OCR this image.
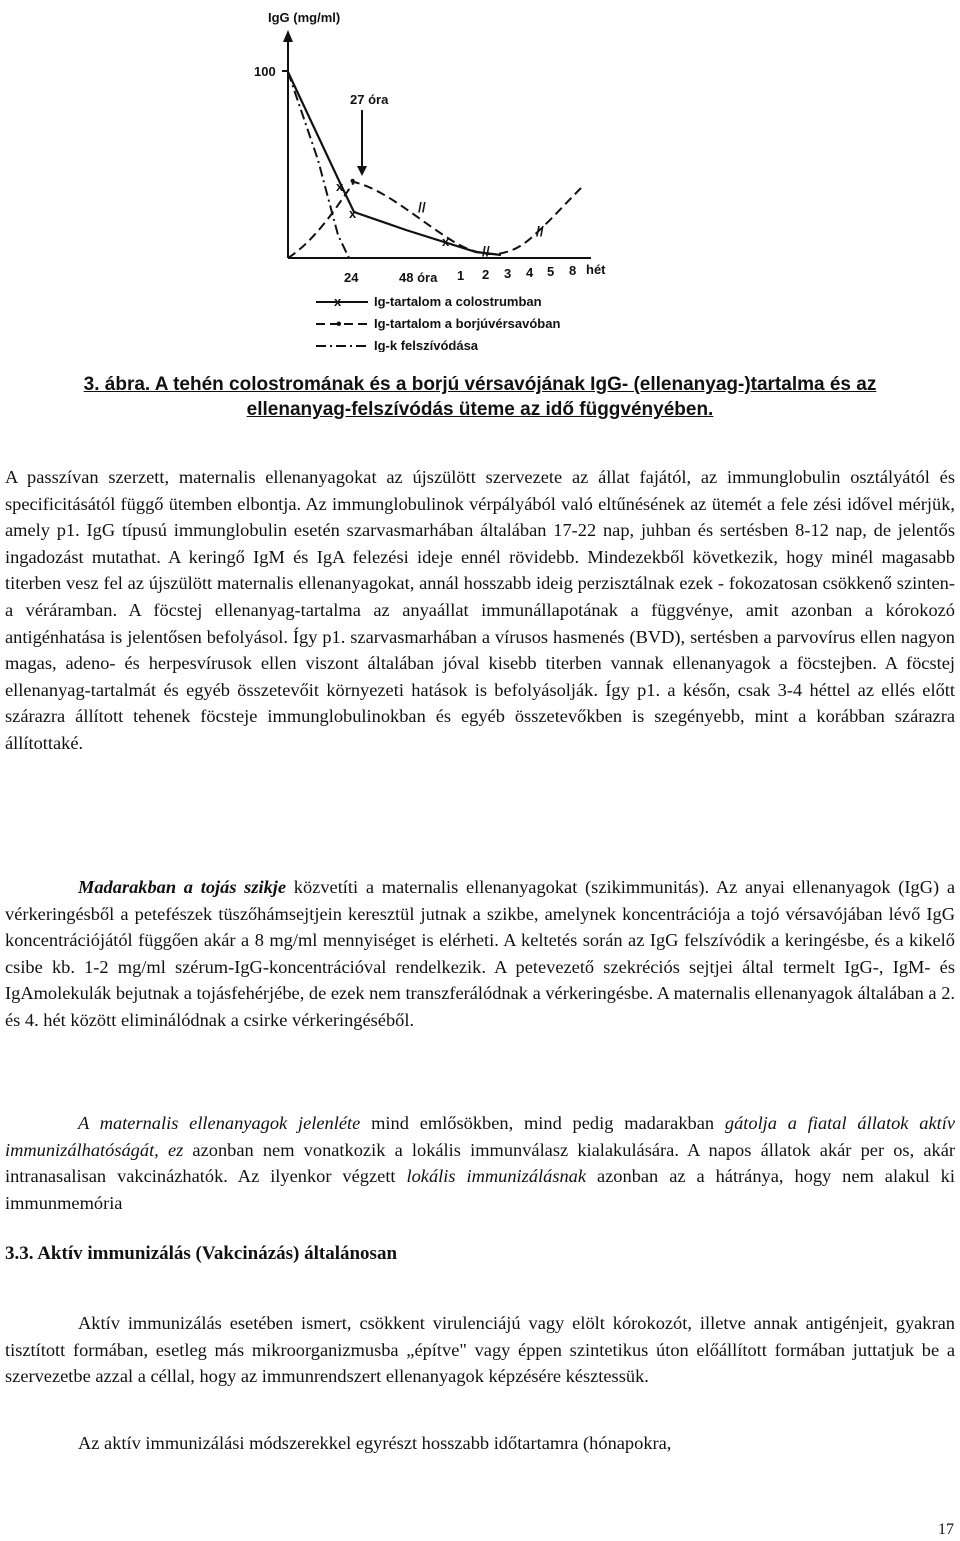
IgG (mg/ml)
100
x
x
x
•
//
//
//
27 óra
24	48 óra 1 2 3 4 5 8 hét
x	Ig-tartalom a colostrumban
• Ig-tartalom a borjúvérsavóban
Ig-k felszívódása

3. ábra. A tehén colostromának és a borjú vérsavójának IgG- (ellenanyag-)tartalma és az
ellenanyag-felszívódás üteme az idő függvényében.

A passzívan szerzett, maternalis ellenanyagokat az újszülött szervezete az állat fajától, az immunglobulin osztályától és specificitásától függő ütemben elbontja. Az immunglobulinok vérpályából való eltűnésének az ütemét a fele zési idővel mérjük, amely p1. IgG típusú immunglobulin esetén szarvasmarhában általában 17-22 nap, juhban és sertésben 8-12 nap, de jelentős ingadozást mutathat. A keringő IgM és IgA felezési ideje ennél rövidebb. Mindezekből következik, hogy minél magasabb titerben vesz fel az újszülött maternalis ellenanyagokat, annál hosszabb ideig perzisztálnak ezek - fokozatosan csökkenő szinten-a véráramban. A föcstej ellenanyag-tartalma az anyaállat immunállapotának a függvénye, amit azonban a kórokozó antigénhatása is jelentősen befolyásol. Így p1. szarvasmarhában a vírusos hasmenés (BVD), sertésben a parvovírus ellen nagyon magas, adeno- és herpesvírusok ellen viszont általában jóval kisebb titerben vannak ellenanyagok a föcstejben. A föcstej ellenanyag-tartalmát és egyéb összetevőit környezeti hatások is befolyásolják. Így p1. a későn, csak 3-4 héttel az ellés előtt szárazra állított tehenek föcsteje immunglobulinokban és egyéb összetevőkben is szegényebb, mint a korábban szárazra állítottaké.

Madarakban a tojás szikje közvetíti a maternalis ellenanyagokat (szikimmunitás). Az anyai ellenanyagok (IgG) a vérkeringésből a petefészek tüszőhámsejtjein keresztül jutnak a szikbe, amelynek koncentrációja a tojó vérsavójában lévő IgG koncentrációjától függően akár a 8 mg/ml mennyiséget is elérheti. A keltetés során az IgG felszívódik a keringésbe, és a kikelő csibe kb. 1-2 mg/ml szérum-IgG-koncentrációval rendelkezik. A petevezető szekréciós sejtjei által termelt IgG-, IgM- és IgAmolekulák bejutnak a tojásfehérjébe, de ezek nem transzferálódnak a vérkeringésbe. A maternalis ellenanyagok általában a 2. és 4. hét között eliminálódnak a csirke vérkeringéséből.

A maternalis ellenanyagok jelenléte mind emlősökben, mind pedig madarakban gátolja a fiatal állatok aktív immunizálhatóságát, ez azonban nem vonatkozik a lokális immunválasz kialakulására. A napos állatok akár per os, akár intranasalisan vakcinázhatók. Az ilyenkor végzett lokális immunizálásnak azonban az a hátránya, hogy nem alakul ki immunmemória

3.3. Aktív immunizálás (Vakcinázás) általánosan

Aktív immunizálás esetében ismert, csökkent virulenciájú vagy elölt kórokozót, illetve annak antigénjeit, gyakran tisztított formában, esetleg más mikroorganizmusba „építve" vagy éppen szintetikus úton előállított formában juttatjuk be a szervezetbe azzal a céllal, hogy az immunrendszert ellenanyagok képzésére késztessük.

Az aktív immunizálási módszerekkel egyrészt hosszabb időtartamra (hónapokra,

17
